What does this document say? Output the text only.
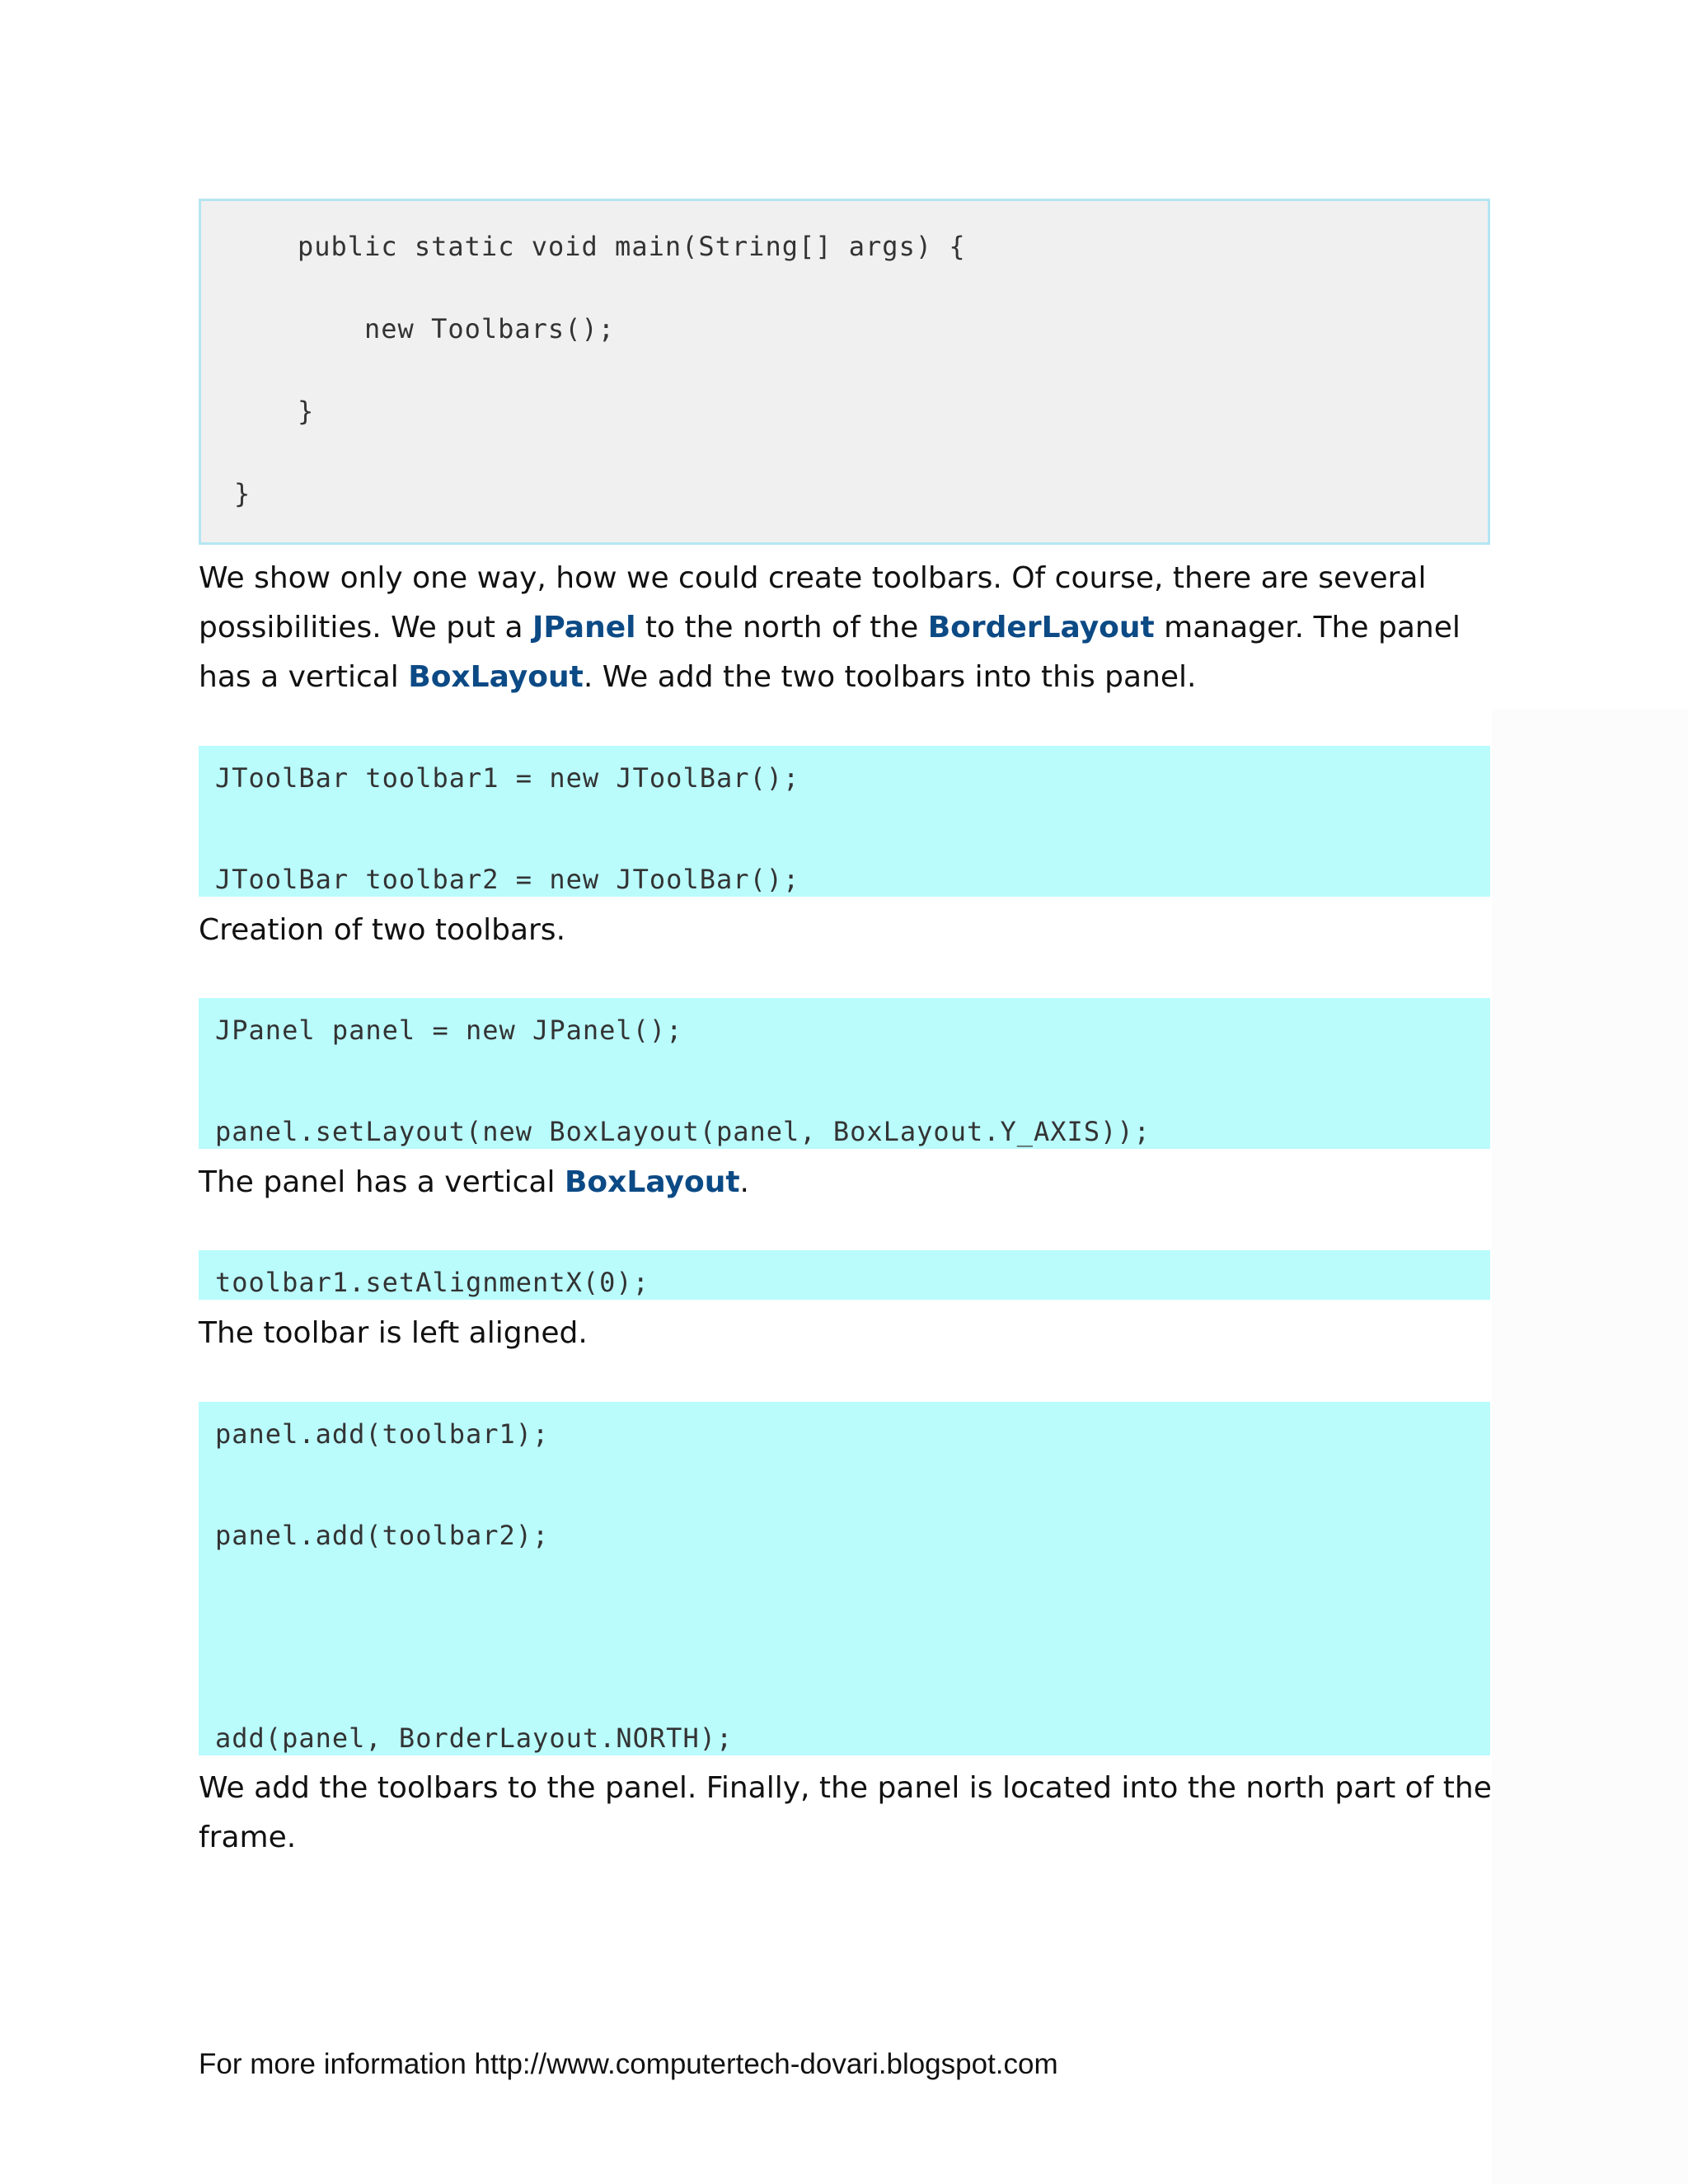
public static void main(String[] args) {
new Toolbars();
}
}

We show only one way, how we could create toolbars. Of course, there are several possibilities. We put a JPanel to the north of the BorderLayout manager. The panel has a vertical BoxLayout. We add the two toolbars into this panel.

JToolBar toolbar1 = new JToolBar();
JToolBar toolbar2 = new JToolBar();

Creation of two toolbars.

JPanel panel = new JPanel();
panel.setLayout(new BoxLayout(panel, BoxLayout.Y_AXIS));

The panel has a vertical BoxLayout.

toolbar1.setAlignmentX(0);

The toolbar is left aligned.

panel.add(toolbar1);
panel.add(toolbar2);
add(panel, BorderLayout.NORTH);

We add the toolbars to the panel. Finally, the panel is located into the north part of the frame.

For more information http://www.computertech-dovari.blogspot.com
